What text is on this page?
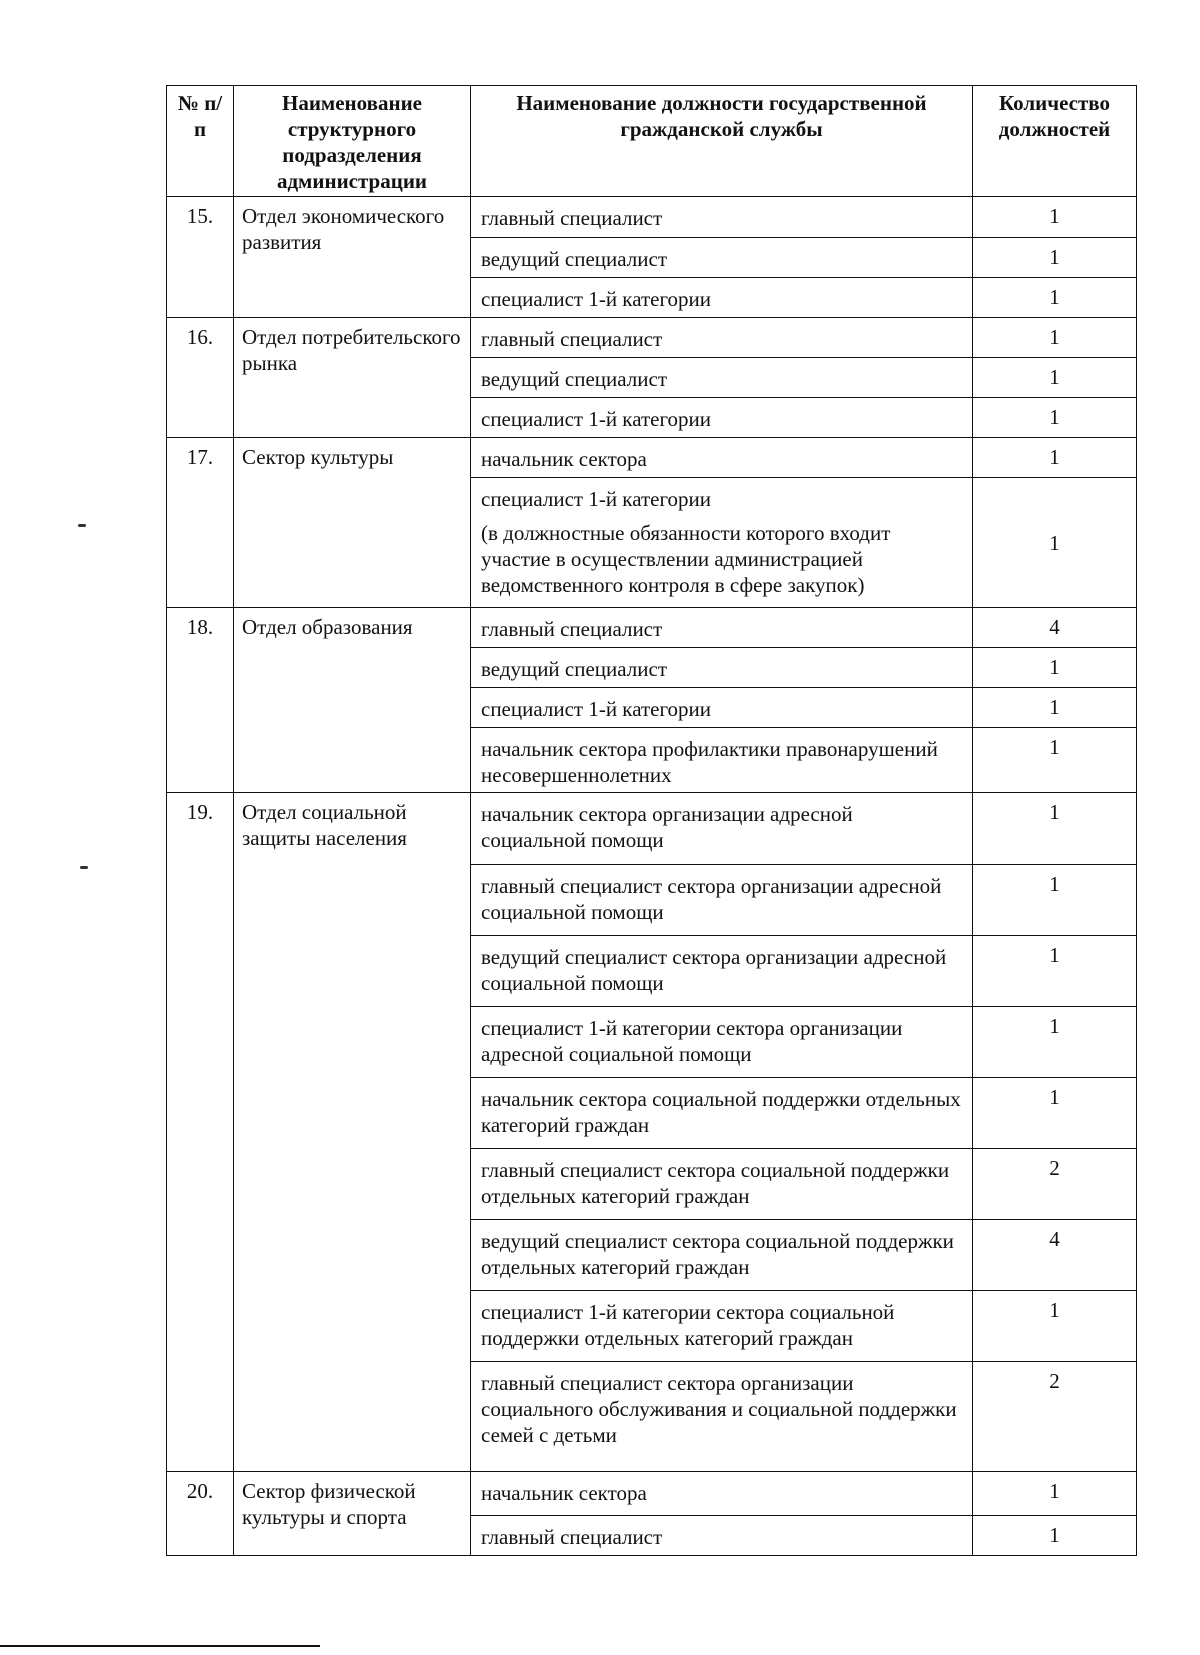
№ п/п	Наименование структурного подразделения администрации	Наименование должности государственной гражданской службы	Количество должностей

15.	Отдел экономического развития	главный специалист	1

		ведущий специалист	1

		специалист 1-й категории	1

16.	Отдел потребительского рынка	главный специалист	1

		ведущий специалист	1

		специалист 1-й категории	1

17.	Сектор культуры	начальник сектора	1

		специалист 1-й категории
(в должностные обязанности которого входит участие в осуществлении администрацией ведомственного контроля в сфере закупок)	1

18.	Отдел образования	главный специалист	4

		ведущий специалист	1

		специалист 1-й категории	1

		начальник сектора профилактики правонарушений несовершеннолетних	1

19.	Отдел социальной защиты населения	начальник сектора организации адресной социальной помощи	1

		главный специалист сектора организации адресной социальной помощи	1

		ведущий специалист сектора организации адресной социальной помощи	1

		специалист 1-й категории сектора организации адресной социальной помощи	1

		начальник сектора социальной поддержки отдельных категорий граждан	1

		главный специалист сектора социальной поддержки отдельных категорий граждан	2

		ведущий специалист сектора социальной поддержки отдельных категорий граждан	4

		специалист 1-й категории сектора социальной поддержки отдельных категорий граждан	1

		главный специалист сектора организации социального обслуживания и социальной поддержки семей с детьми	2

20.	Сектор физической культуры и спорта	начальник сектора	1

		главный специалист	1
